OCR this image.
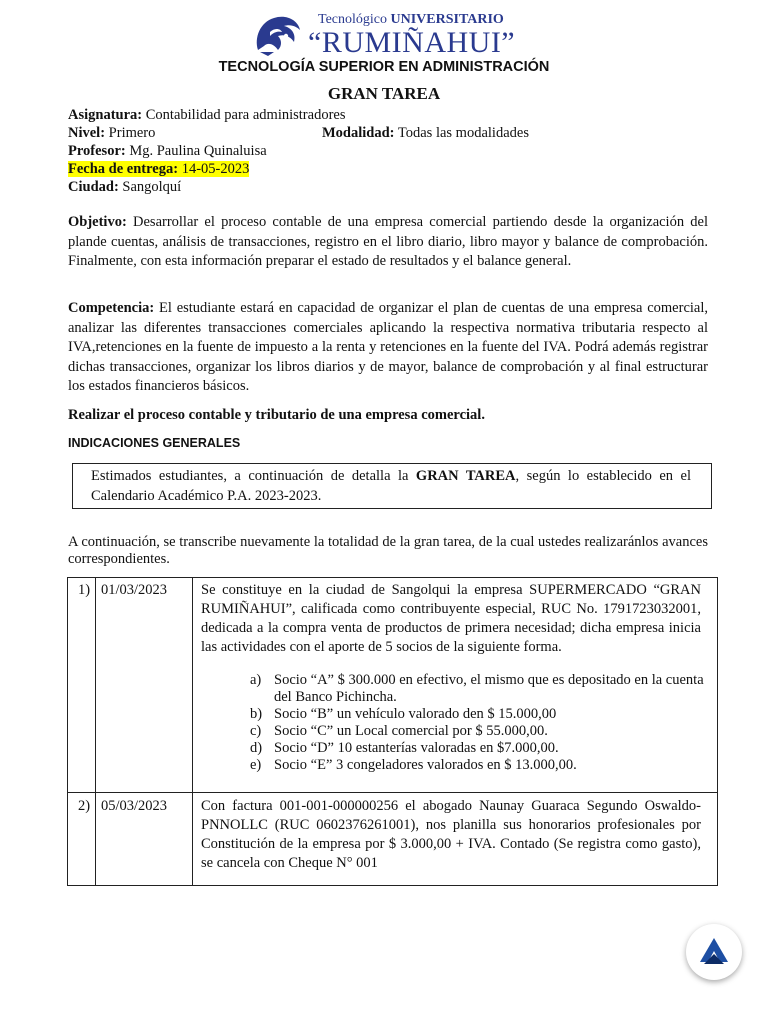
Tecnológico UNIVERSITARIO
“RUMIÑAHUI”
TECNOLOGÍA SUPERIOR EN ADMINISTRACIÓN
GRAN TAREA
Asignatura: Contabilidad para administradores
Nivel: Primero	Modalidad: Todas las modalidades
Profesor: Mg. Paulina Quinaluisa
Fecha de entrega: 14-05-2023
Ciudad: Sangolquí
Objetivo: Desarrollar el proceso contable de una empresa comercial partiendo desde la organización del plande cuentas, análisis de transacciones, registro en el libro diario, libro mayor y balance de comprobación. Finalmente, con esta información preparar el estado de resultados y el balance general.
Competencia: El estudiante estará en capacidad de organizar el plan de cuentas de una empresa comercial, analizar las diferentes transacciones comerciales aplicando la respectiva normativa tributaria respecto al IVA,retenciones en la fuente de impuesto a la renta y retenciones en la fuente del IVA. Podrá además registrar dichas transacciones, organizar los libros diarios y de mayor, balance de comprobación y al final estructurar los estados financieros básicos.
Realizar el proceso contable y tributario de una empresa comercial.
INDICACIONES GENERALES
Estimados estudiantes, a continuación de detalla la GRAN TAREA, según lo establecido en el Calendario Académico P.A. 2023-2023.
A continuación, se transcribe nuevamente la totalidad de la gran tarea, de la cual ustedes realizaránlos avances correspondientes.
1) 01/03/2023 Se constituye en la ciudad de Sangolqui la empresa SUPERMERCADO “GRAN RUMIÑAHUI”, calificada como contribuyente especial, RUC No. 1791723032001, dedicada a la compra venta de productos de primera necesidad; dicha empresa inicia las actividades con el aporte de 5 socios de la siguiente forma.
a) Socio “A” $ 300.000 en efectivo, el mismo que es depositado en la cuenta del Banco Pichincha.
b) Socio “B” un vehículo valorado den $ 15.000,00
c) Socio “C” un Local comercial por $ 55.000,00.
d) Socio “D” 10 estanterías valoradas en $7.000,00.
e) Socio “E” 3 congeladores valorados en $ 13.000,00.
2) 05/03/2023 Con factura 001-001-000000256 el abogado Naunay Guaraca Segundo Oswaldo-PNNOLLC (RUC 0602376261001), nos planilla sus honorarios profesionales por Constitución de la empresa por $ 3.000,00 + IVA. Contado (Se registra como gasto), se cancela con Cheque N° 001
